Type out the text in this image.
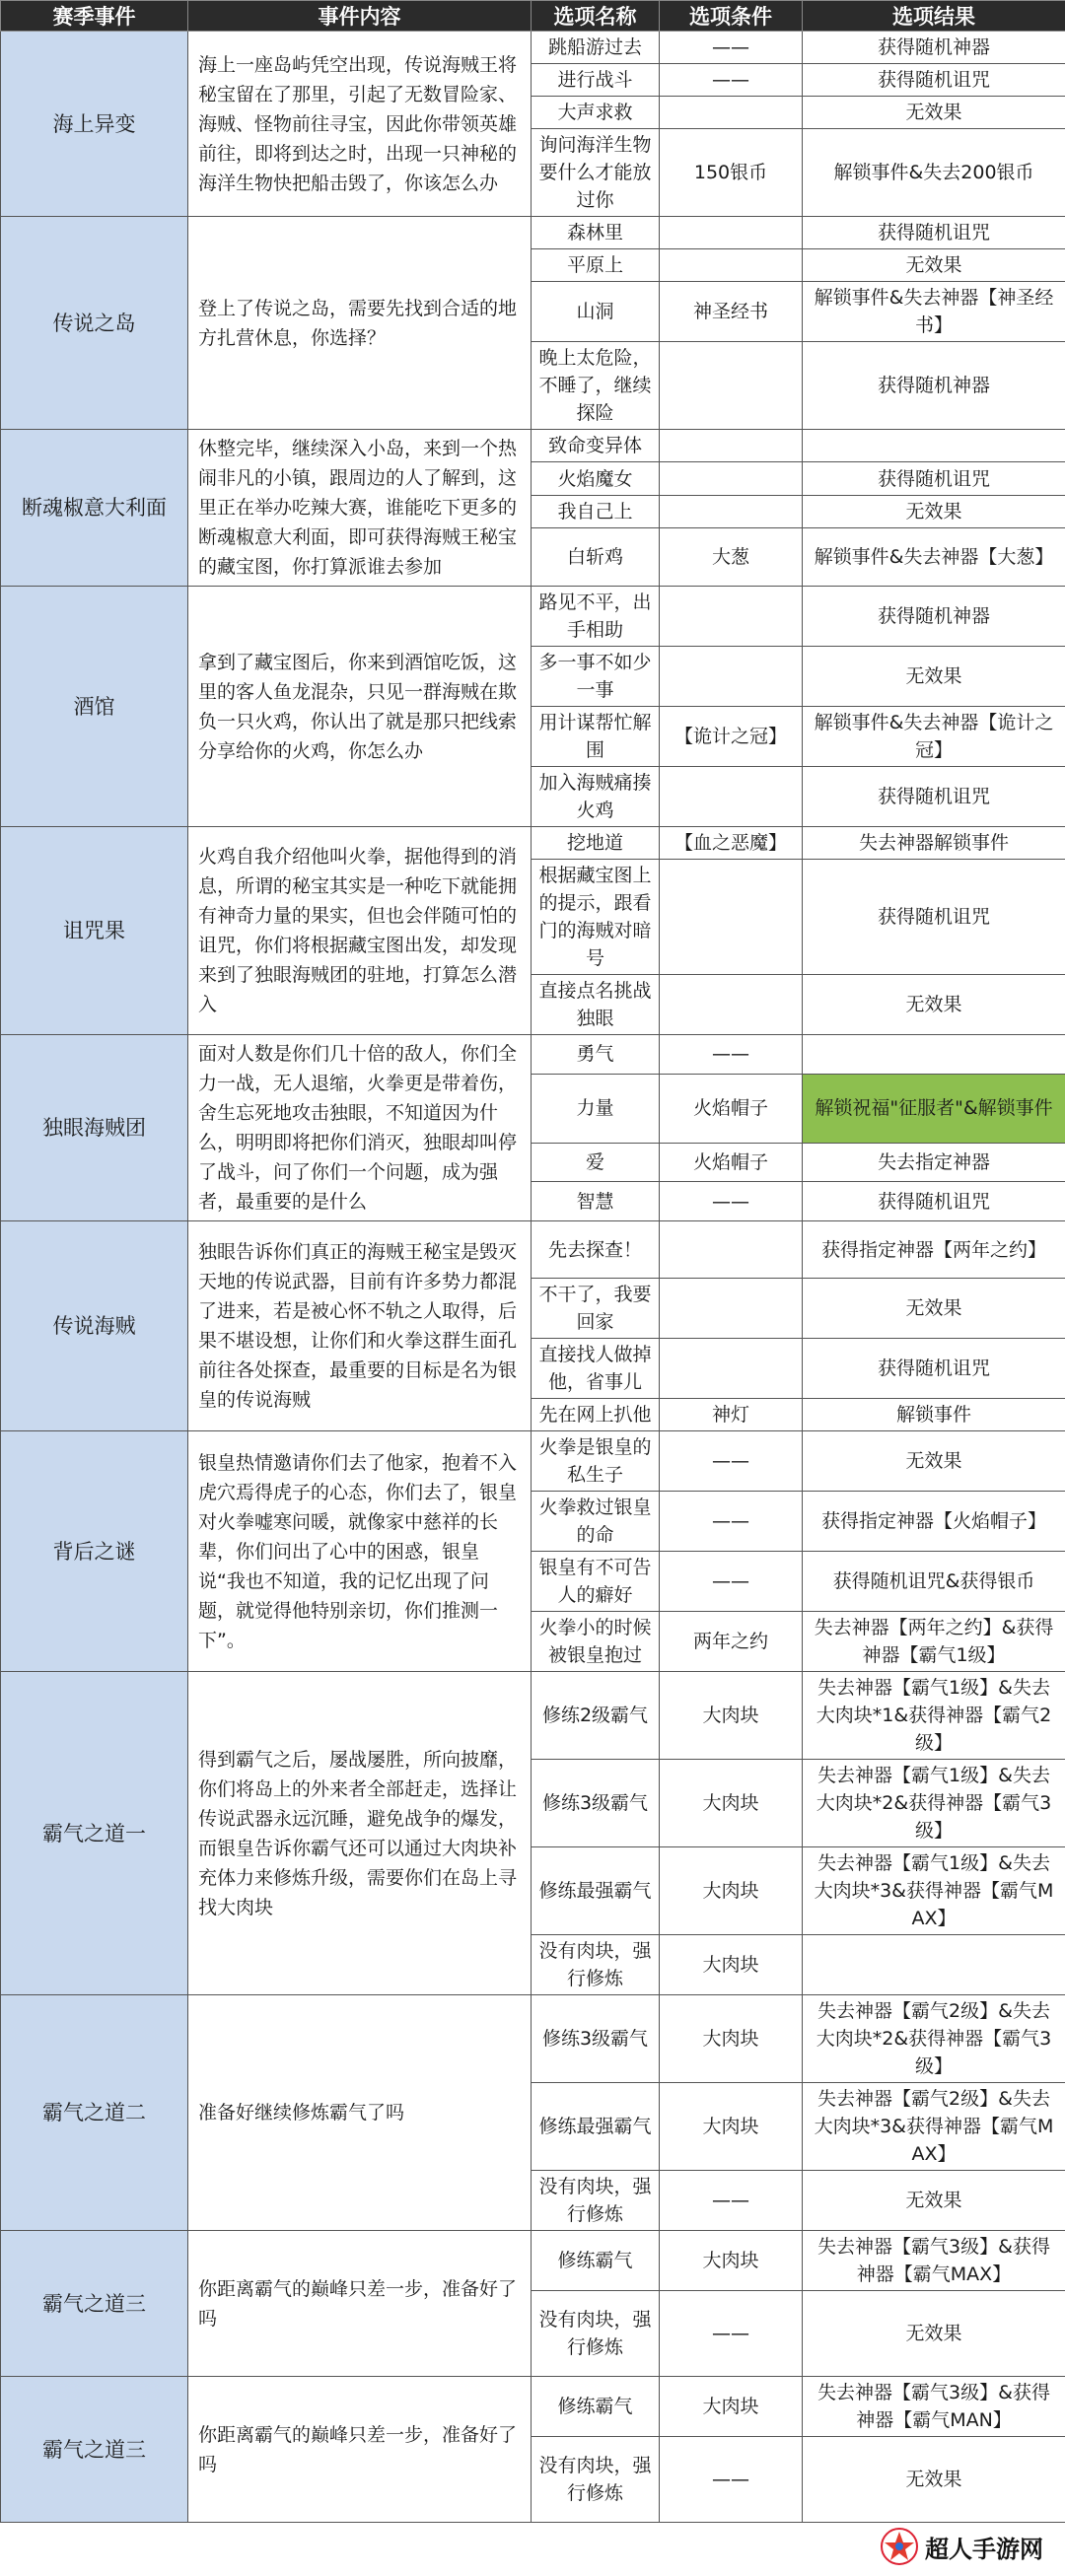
赛季事件	事件内容	选项名称	选项条件	选项结果
海上异变	海上一座岛屿凭空出现，传说海贼王将秘宝留在了那里，引起了无数冒险家、海贼、怪物前往寻宝，因此你带领英雄前往，即将到达之时，出现一只神秘的海洋生物快把船击毁了，你该怎么办	跳船游过去	——	获得随机神器
		进行战斗	——	获得随机诅咒
		大声求救		无效果
		询问海洋生物要什么才能放过你	150银币	解锁事件&失去200银币
传说之岛	登上了传说之岛，需要先找到合适的地方扎营休息，你选择？	森林里		获得随机诅咒
		平原上		无效果
		山洞	神圣经书	解锁事件&失去神器【神圣经书】
		晚上太危险，不睡了，继续探险		获得随机神器
断魂椒意大利面	休整完毕，继续深入小岛，来到一个热闹非凡的小镇，跟周边的人了解到，这里正在举办吃辣大赛，谁能吃下更多的断魂椒意大利面，即可获得海贼王秘宝的藏宝图，你打算派谁去参加	致命变异体		
		火焰魔女		获得随机诅咒
		我自己上		无效果
		白斩鸡	大葱	解锁事件&失去神器【大葱】
酒馆	拿到了藏宝图后，你来到酒馆吃饭，这里的客人鱼龙混杂，只见一群海贼在欺负一只火鸡，你认出了就是那只把线索分享给你的火鸡，你怎么办	路见不平，出手相助		获得随机神器
		多一事不如少一事		无效果
		用计谋帮忙解围	【诡计之冠】	解锁事件&失去神器【诡计之冠】
		加入海贼痛揍火鸡		获得随机诅咒
诅咒果	火鸡自我介绍他叫火拳，据他得到的消息，所谓的秘宝其实是一种吃下就能拥有神奇力量的果实，但也会伴随可怕的诅咒，你们将根据藏宝图出发，却发现来到了独眼海贼团的驻地，打算怎么潜入	挖地道	【血之恶魔】	失去神器解锁事件
		根据藏宝图上的提示，跟看门的海贼对暗号		获得随机诅咒
		直接点名挑战独眼		无效果
独眼海贼团	面对人数是你们几十倍的敌人，你们全力一战，无人退缩，火拳更是带着伤，舍生忘死地攻击独眼，不知道因为什么，明明即将把你们消灭，独眼却叫停了战斗，问了你们一个问题，成为强者，最重要的是什么	勇气	——	
		力量	火焰帽子	解锁祝福"征服者"&解锁事件
		爱	火焰帽子	失去指定神器
		智慧	——	获得随机诅咒
传说海贼	独眼告诉你们真正的海贼王秘宝是毁灭天地的传说武器，目前有许多势力都混了进来，若是被心怀不轨之人取得，后果不堪设想，让你们和火拳这群生面孔前往各处探查，最重要的目标是名为银皇的传说海贼	先去探查！		获得指定神器【两年之约】
		不干了，我要回家		无效果
		直接找人做掉他，省事儿		获得随机诅咒
		先在网上扒他	神灯	解锁事件
背后之谜	银皇热情邀请你们去了他家，抱着不入虎穴焉得虎子的心态，你们去了，银皇对火拳嘘寒问暖，就像家中慈祥的长辈，你们问出了心中的困惑，银皇说“我也不知道，我的记忆出现了问题，就觉得他特别亲切，你们推测一下”。	火拳是银皇的私生子	——	无效果
		火拳救过银皇的命	——	获得指定神器【火焰帽子】
		银皇有不可告人的癖好	——	获得随机诅咒&获得银币
		火拳小的时候被银皇抱过	两年之约	失去神器【两年之约】&获得神器【霸气1级】
霸气之道一	得到霸气之后，屡战屡胜，所向披靡，你们将岛上的外来者全部赶走，选择让传说武器永远沉睡，避免战争的爆发，而银皇告诉你霸气还可以通过大肉块补充体力来修炼升级，需要你们在岛上寻找大肉块	修练2级霸气	大肉块	失去神器【霸气1级】&失去大肉块*1&获得神器【霸气2级】
		修练3级霸气	大肉块	失去神器【霸气1级】&失去大肉块*2&获得神器【霸气3级】
		修练最强霸气	大肉块	失去神器【霸气1级】&失去大肉块*3&获得神器【霸气MAX】
		没有肉块，强行修炼	大肉块	
霸气之道二	准备好继续修炼霸气了吗	修练3级霸气	大肉块	失去神器【霸气2级】&失去大肉块*2&获得神器【霸气3级】
		修练最强霸气	大肉块	失去神器【霸气2级】&失去大肉块*3&获得神器【霸气MAX】
		没有肉块，强行修炼	——	无效果
霸气之道三	你距离霸气的巅峰只差一步，准备好了吗	修练霸气	大肉块	失去神器【霸气3级】&获得神器【霸气MAX】
		没有肉块，强行修炼	——	无效果
霸气之道三	你距离霸气的巅峰只差一步，准备好了吗	修练霸气	大肉块	失去神器【霸气3级】&获得神器【霸气MAN】
		没有肉块，强行修炼	——	无效果
超人手游网
